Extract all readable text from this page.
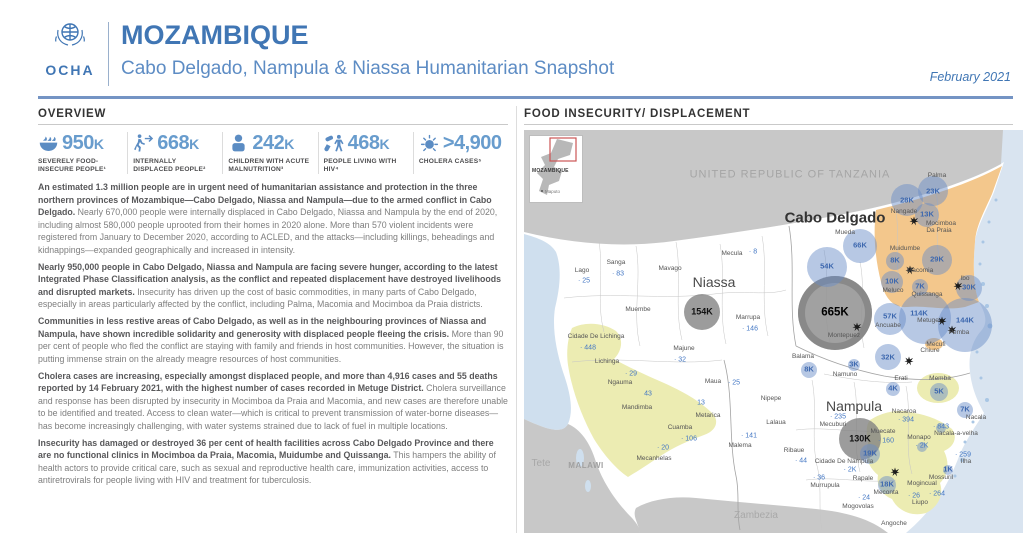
OCHA
MOZAMBIQUE
Cabo Delgado, Nampula & Niassa Humanitarian Snapshot	February 2021
OVERVIEW
950K
SEVERELY FOOD-INSECURE PEOPLE¹
668K
INTERNALLY DISPLACED PEOPLE²
242K
CHILDREN WITH ACUTE MALNUTRITION³
468K
PEOPLE LIVING WITH HIV⁴
>4,900
CHOLERA CASES⁵

An estimated 1.3 million people are in urgent need of humanitarian assistance and protection in the three northern provinces of Mozambique—Cabo Delgado, Niassa and Nampula—due to the armed conflict in Cabo Delgado. Nearly 670,000 people were internally displaced in Cabo Delgado, Niassa and Nampula by the end of 2020, including almost 580,000 people uprooted from their homes in 2020 alone. More than 570 violent incidents were registered from January to December 2020, according to ACLED, and the attacks—including killings, beheadings and kidnappings—expanded geographically and increased in intensity.

Nearly 950,000 people in Cabo Delgado, Niassa and Nampula are facing severe hunger, according to the latest Integrated Phase Classification analysis, as the conflict and repeated displacement have destroyed livelihoods and disrupted markets. Insecurity has driven up the cost of basic commodities, in many parts of Cabo Delgado, especially in areas particularly affected by the conflict, including Palma, Macomia and Mocimboa da Praia districts.

Communities in less restive areas of Cabo Delgado, as well as in the neighbouring provinces of Niassa and Nampula, have shown incredible solidarity and generosity with displaced people fleeing the crisis. More than 90 per cent of people who fled the conflict are staying with family and friends in host communities. However, the situation is putting immense strain on the already meagre resources of host communities.

Cholera cases are increasing, especially amongst displaced people, and more than 4,916 cases and 55 deaths reported by 14 February 2021, with the highest number of cases recorded in Metuge District. Cholera surveillance and response has been disrupted by insecurity in Mocimboa da Praia and Macomia, and new cases are therefore unable to be identified and treated. Access to clean water—which is critical to prevent transmission of water-borne diseases—has become increasingly challenging, with water systems strained due to lack of fuel in multiple locations.

Insecurity has damaged or destroyed 36 per cent of health facilities across Cabo Delgado Province and there are no functional clinics in Mocimboa da Praia, Macomia, Muidumbe and Quissanga. This hampers the ability of health actors to provide critical care, such as sexual and reproductive health care, immunization activities, access to antiretrovirals for people living with HIV and treatment for tuberculosis.

FOOD INSECURITY/ DISPLACEMENT
UNITED REPUBLIC OF TANZANIA
MALAWI
Tete
Zambezia
Niassa
Cabo Delgado
Nampula
154K	665K
130K
Lago
· 25
Sanga
· 83
Mavago
Mecula · 8
Muembe
Marrupa
· 146
Cidade De Lichinga
· 448
Lichinga
Majune
· 32
· 29
Ngauma	Maua · 25
43
Mandimba
13
Metarica
Nipepe
Cuamba
· 106
· 20
Mecanhelas
Lalaua
· 141
Malema
Ribaue
· 44
Palma
23K
28K
Nangade 13K
Mocimboa
Da Praia
Mueda
66K
54K
Muidumbe
8K	29K
Macomia
10K
Meluco
Ibo
30K
7K
Quissanga
Montepuez
114K
Metuge 144K
Pemba
57K
Ancuabe
Mecufi
32K
Chiure
Balama
8K
3K
Namuno
Erati
4K
Memba
5K
· 235
Mecuburi
Nacaroa
· 394
7K
Nacala
· 843
Nacala-a-velha
Muecate
· 160
Monapo
· 2K
19K
Cidade De Nampula
· 2K
· 36
Murrupula
Rapale
18K
Meconta
1K
Mossuril
· 259
Ilha
Mogincual
· 264
· 26
Liupo
· 24
Mogovolas
Angoche
MOZAMBIQUE
Maputo
